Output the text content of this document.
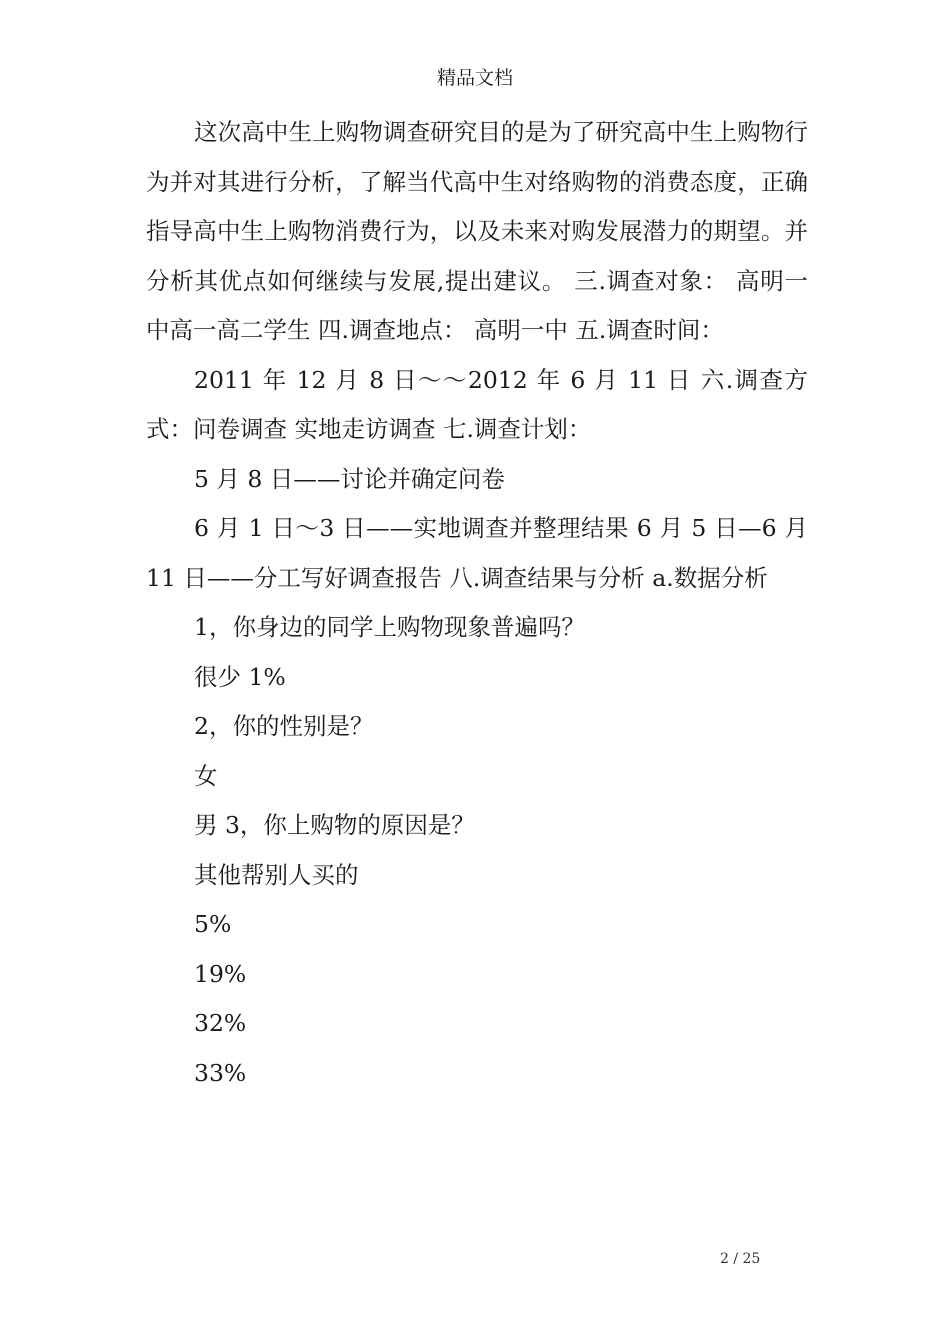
精品文档

这次高中生上购物调查研究目的是为了研究高中生上购物行为并对其进行分析，了解当代高中生对络购物的消费态度，正确指导高中生上购物消费行为，以及未来对购发展潜力的期望。并分析其优点如何继续与发展,提出建议。 三.调查对象： 高明一中高一高二学生 四.调查地点： 高明一中 五.调查时间：

2011 年 12 月 8 日～～2012 年 6 月 11 日 六.调查方式：问卷调查 实地走访调查 七.调查计划：

5 月 8 日——讨论并确定问卷

6 月 1 日～3 日——实地调查并整理结果 6 月 5 日—6 月 11 日——分工写好调查报告 八.调查结果与分析 a.数据分析

1，你身边的同学上购物现象普遍吗？

很少 1%

2，你的性别是？

女

男 3，你上购物的原因是？

其他帮别人买的

5%

19%

32%

33%

2 / 25
